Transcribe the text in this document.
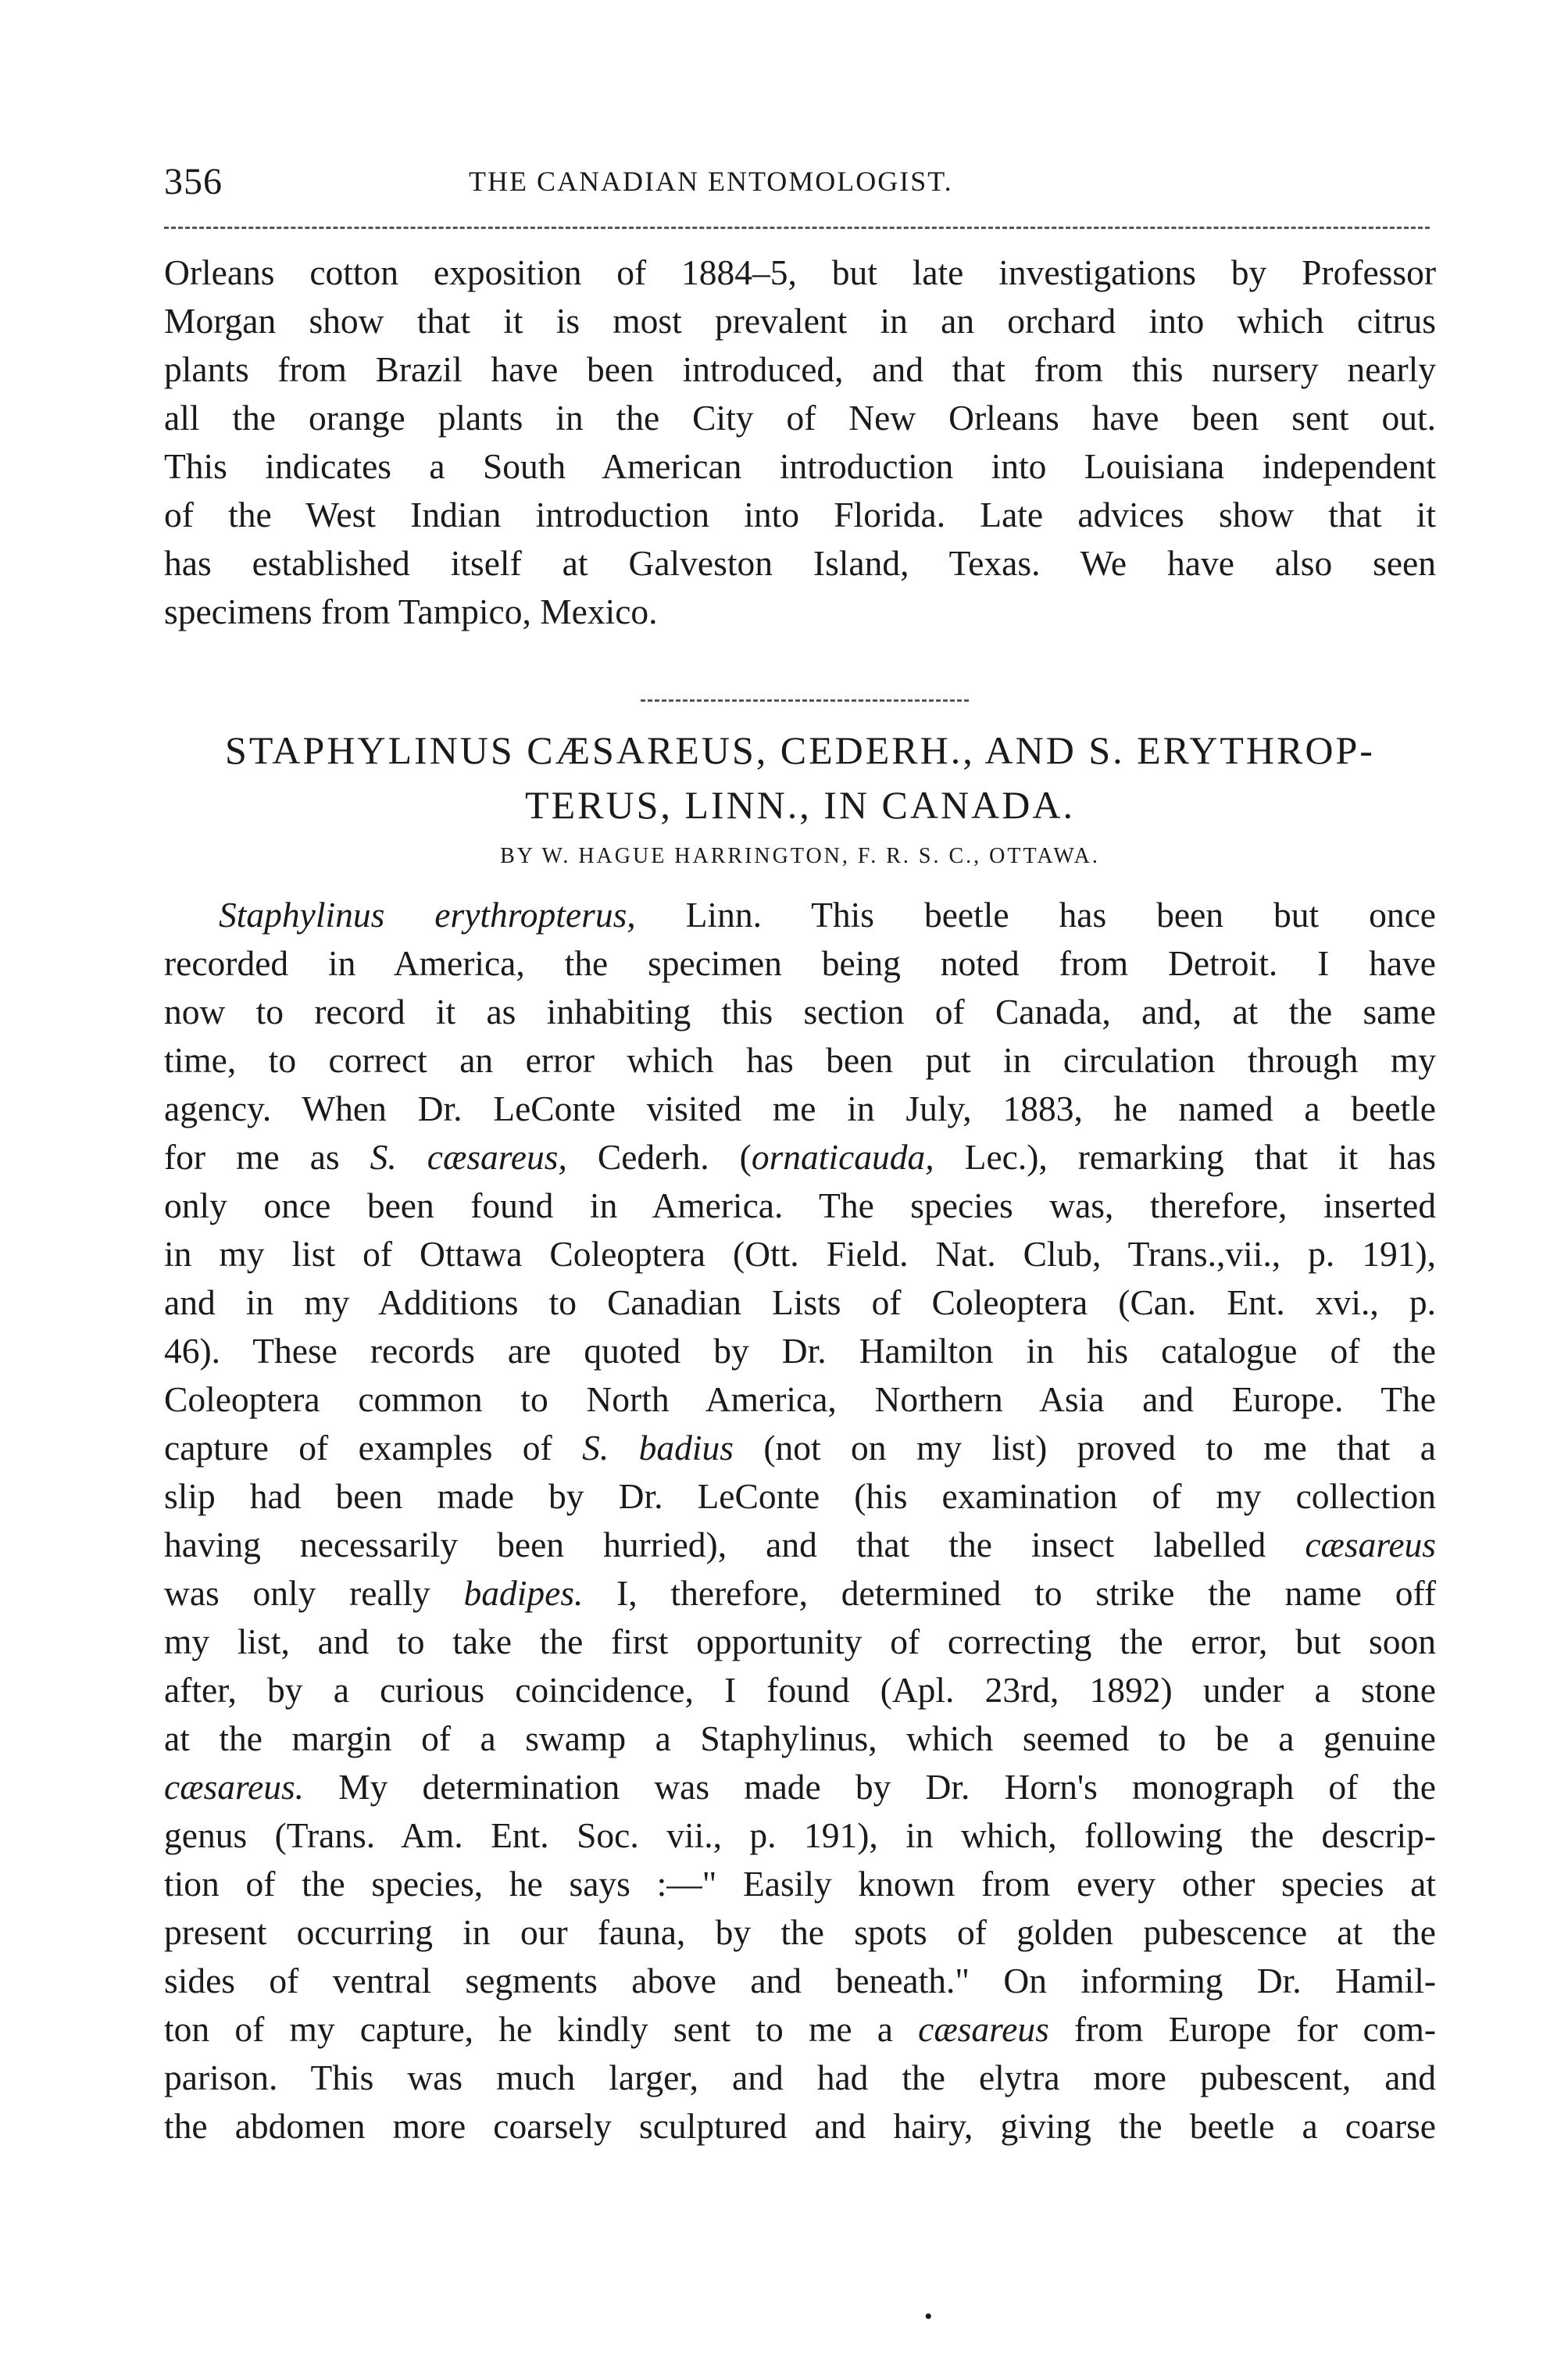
356	THE CANADIAN ENTOMOLOGIST.
Orleans cotton exposition of 1884–5, but late investigations by Professor
Morgan show that it is most prevalent in an orchard into which citrus
plants from Brazil have been introduced, and that from this nursery nearly
all the orange plants in the City of New Orleans have been sent out.
This indicates a South American introduction into Louisiana independent
of the West Indian introduction into Florida. Late advices show that it
has established itself at Galveston Island, Texas. We have also seen
specimens from Tampico, Mexico.
STAPHYLINUS CÆSAREUS, CEDERH., AND S. ERYTHROP-
TERUS, LINN., IN CANADA.
BY W. HAGUE HARRINGTON, F. R. S. C., OTTAWA.
Staphylinus erythropterus, Linn. This beetle has been but once
recorded in America, the specimen being noted from Detroit. I have
now to record it as inhabiting this section of Canada, and, at the same
time, to correct an error which has been put in circulation through my
agency. When Dr. LeConte visited me in July, 1883, he named a beetle
for me as S. cæsareus, Cederh. (ornaticauda, Lec.), remarking that it has
only once been found in America. The species was, therefore, inserted
in my list of Ottawa Coleoptera (Ott. Field. Nat. Club, Trans.,vii., p. 191),
and in my Additions to Canadian Lists of Coleoptera (Can. Ent. xvi., p.
46). These records are quoted by Dr. Hamilton in his catalogue of the
Coleoptera common to North America, Northern Asia and Europe. The
capture of examples of S. badius (not on my list) proved to me that a
slip had been made by Dr. LeConte (his examination of my collection
having necessarily been hurried), and that the insect labelled cæsareus
was only really badipes. I, therefore, determined to strike the name off
my list, and to take the first opportunity of correcting the error, but soon
after, by a curious coincidence, I found (Apl. 23rd, 1892) under a stone
at the margin of a swamp a Staphylinus, which seemed to be a genuine
cæsareus. My determination was made by Dr. Horn's monograph of the
genus (Trans. Am. Ent. Soc. vii., p. 191), in which, following the descrip-
tion of the species, he says :—" Easily known from every other species at
present occurring in our fauna, by the spots of golden pubescence at the
sides of ventral segments above and beneath." On informing Dr. Hamil-
ton of my capture, he kindly sent to me a cæsareus from Europe for com-
parison. This was much larger, and had the elytra more pubescent, and
the abdomen more coarsely sculptured and hairy, giving the beetle a coarse
•
